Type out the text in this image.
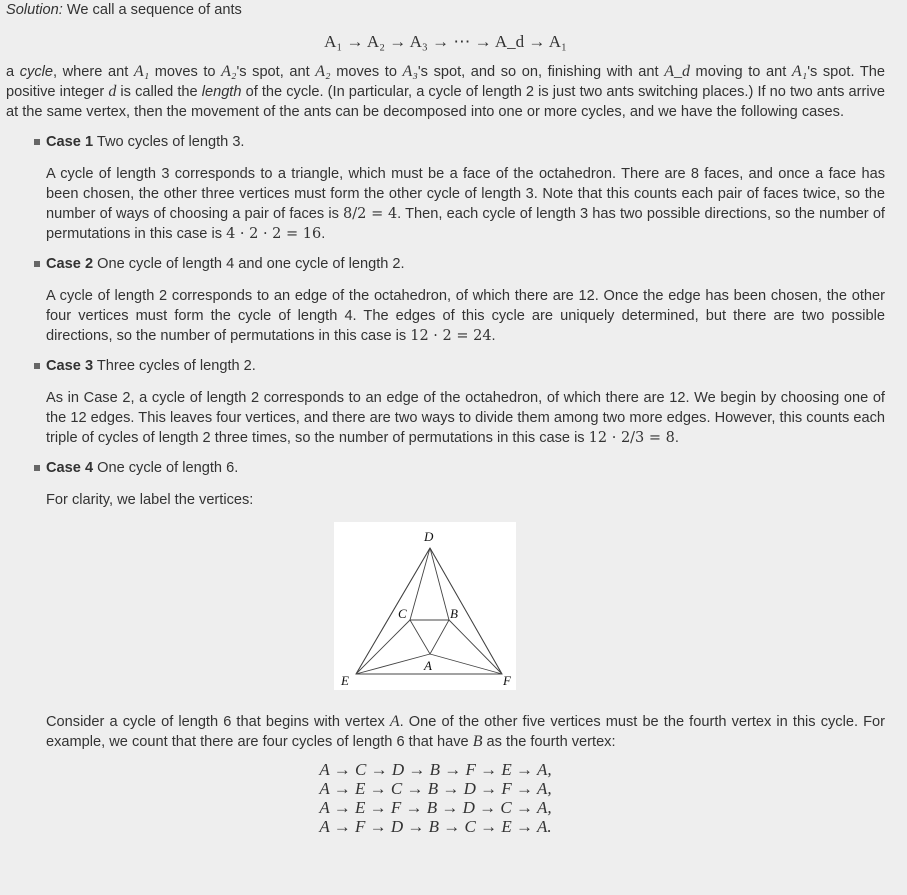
Solution: We call a sequence of ants

A₁ → A₂ → A₃ → ⋯ → A_d → A₁

a cycle, where ant A₁ moves to A₂'s spot, ant A₂ moves to A₃'s spot, and so on, finishing with ant A_d moving to ant A₁'s spot. The positive integer d is called the length of the cycle. (In particular, a cycle of length 2 is just two ants switching places.) If no two ants arrive at the same vertex, then the movement of the ants can be decomposed into one or more cycles, and we have the following cases.

Case 1 Two cycles of length 3.

A cycle of length 3 corresponds to a triangle, which must be a face of the octahedron. There are 8 faces, and once a face has been chosen, the other three vertices must form the other cycle of length 3. Note that this counts each pair of faces twice, so the number of ways of choosing a pair of faces is 8/2 = 4. Then, each cycle of length 3 has two possible directions, so the number of permutations in this case is 4 · 2 · 2 = 16.

Case 2 One cycle of length 4 and one cycle of length 2.

A cycle of length 2 corresponds to an edge of the octahedron, of which there are 12. Once the edge has been chosen, the other four vertices must form the cycle of length 4. The edges of this cycle are uniquely determined, but there are two possible directions, so the number of permutations in this case is 12 · 2 = 24.

Case 3 Three cycles of length 2.

As in Case 2, a cycle of length 2 corresponds to an edge of the octahedron, of which there are 12. We begin by choosing one of the 12 edges. This leaves four vertices, and there are two ways to divide them among two more edges. However, this counts each triple of cycles of length 2 three times, so the number of permutations in this case is 12 · 2/3 = 8.

Case 4 One cycle of length 6.

For clarity, we label the vertices:

D
C	B
A
E	F

Consider a cycle of length 6 that begins with vertex A. One of the other five vertices must be the fourth vertex in this cycle. For example, we count that there are four cycles of length 6 that have B as the fourth vertex:

A → C → D → B → F → E → A,
A → E → C → B → D → F → A,
A → E → F → B → D → C → A,
A → F → D → B → C → E → A.
